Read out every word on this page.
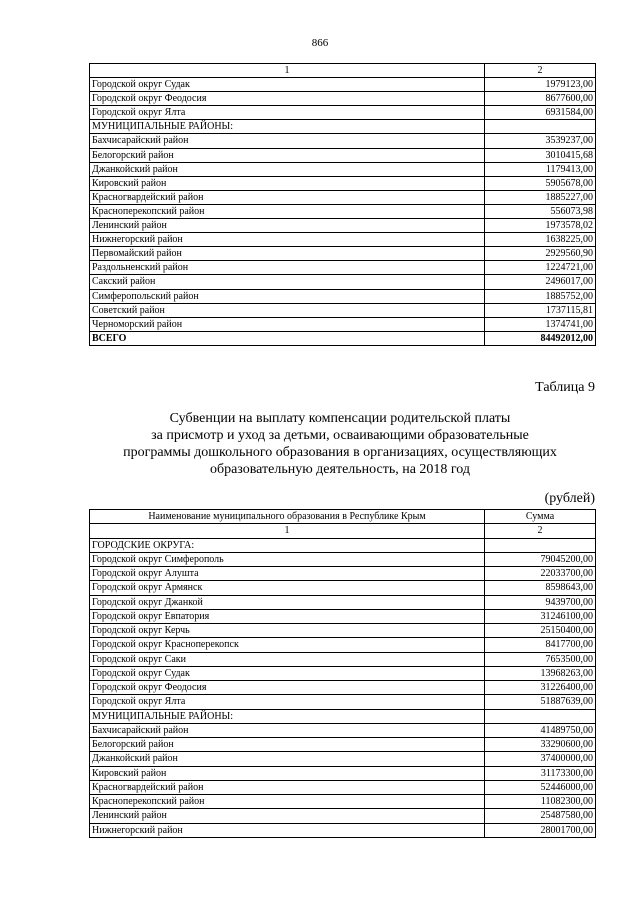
866
1	2
Городской округ Судак	1979123,00
Городской округ Феодосия	8677600,00
Городской округ Ялта	6931584,00
МУНИЦИПАЛЬНЫЕ РАЙОНЫ:	
Бахчисарайский район	3539237,00
Белогорский район	3010415,68
Джанкойский район	1179413,00
Кировский район	5905678,00
Красногвардейский район	1885227,00
Красноперекопский район	556073,98
Ленинский район	1973578,02
Нижнегорский район	1638225,00
Первомайский район	2929560,90
Раздольненский район	1224721,00
Сакский район	2496017,00
Симферопольский район	1885752,00
Советский район	1737115,81
Черноморский район	1374741,00
ВСЕГО	84492012,00
Таблица 9
Субвенции на выплату компенсации родительской платы
за присмотр и уход за детьми, осваивающими образовательные
программы дошкольного образования в организациях, осуществляющих
образовательную деятельность, на 2018 год
(рублей)
Наименование муниципального образования в Республике Крым	Сумма
1	2
ГОРОДСКИЕ ОКРУГА:	
Городской округ Симферополь	79045200,00
Городской округ Алушта	22033700,00
Городской округ Армянск	8598643,00
Городской округ Джанкой	9439700,00
Городской округ Евпатория	31246100,00
Городской округ Керчь	25150400,00
Городской округ Красноперекопск	8417700,00
Городской округ Саки	7653500,00
Городской округ Судак	13968263,00
Городской округ Феодосия	31226400,00
Городской округ Ялта	51887639,00
МУНИЦИПАЛЬНЫЕ РАЙОНЫ:	
Бахчисарайский район	41489750,00
Белогорский район	33290600,00
Джанкойский район	37400000,00
Кировский район	31173300,00
Красногвардейский район	52446000,00
Красноперекопский район	11082300,00
Ленинский район	25487580,00
Нижнегорский район	28001700,00
